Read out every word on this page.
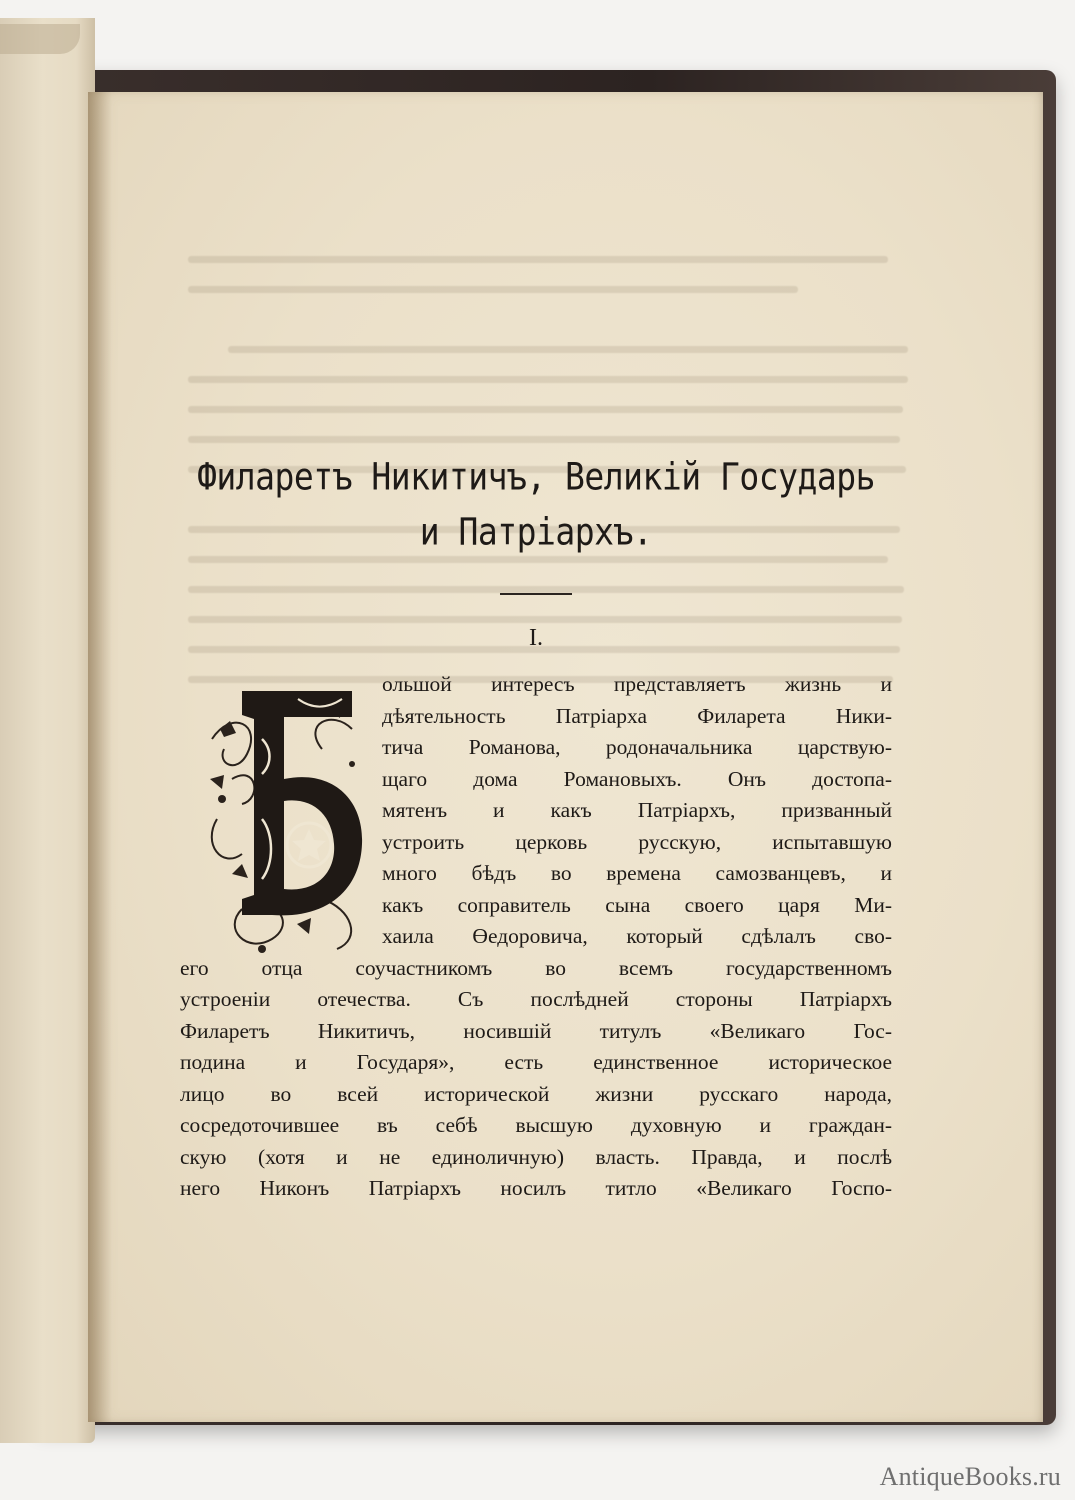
Филаретъ Никитичъ, Великій Государь
и Патріархъ.
I.
ольшой интересъ представляетъ жизнь и
дѣятельность Патріарха Филарета Ники-
тича Романова, родоначальника царствую-
щаго дома Романовыхъ. Онъ достопа-
мятенъ и какъ Патріархъ, призванный
устроить церковь русскую, испытавшую
много бѣдъ во времена самозванцевъ, и
какъ соправитель сына своего царя Ми-
хаила Өедоровича, который сдѣлалъ сво-
его отца соучастникомъ во всемъ государственномъ
устроеніи отечества. Съ послѣдней стороны Патріархъ
Филаретъ Никитичъ, носившій титулъ «Великаго Гос-
подина и Государя», есть единственное историческое
лицо во всей исторической жизни русскаго народа,
сосредоточившее въ себѣ высшую духовную и граждан-
скую (хотя и не единоличную) власть. Правда, и послѣ
него Никонъ Патріархъ носилъ титло «Великаго Госпо-
AntiqueBooks.ru
